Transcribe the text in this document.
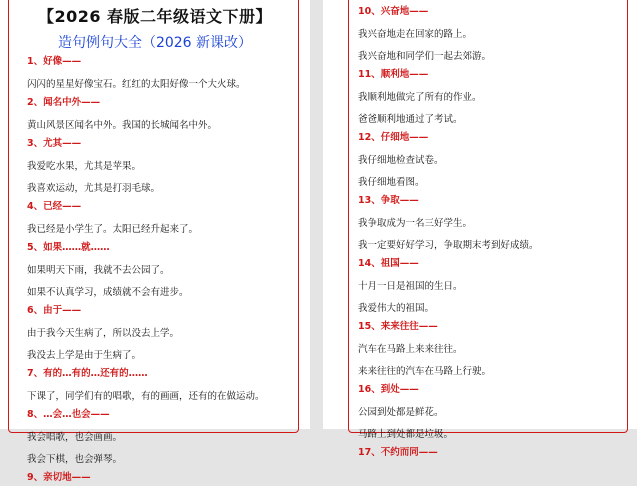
【2026 春版二年级语文下册】
造句例句大全（2026 新课改）
1、好像——
闪闪的星星好像宝石。红红的太阳好像一个大火球。
2、闻名中外——
黄山风景区闻名中外。我国的长城闻名中外。
3、尤其——
我爱吃水果，尤其是苹果。
我喜欢运动，尤其是打羽毛球。
4、已经——
我已经是小学生了。太阳已经升起来了。
5、如果……就……
如果明天下雨，我就不去公园了。
如果不认真学习，成绩就不会有进步。
6、由于——
由于我今天生病了，所以没去上学。
我没去上学是由于生病了。
7、有的…有的…还有的……
下课了，同学们有的唱歌，有的画画，还有的在做运动。
8、…会…也会——
我会唱歌，也会画画。
我会下棋，也会弹琴。
9、亲切地——
10、兴奋地——
我兴奋地走在回家的路上。
我兴奋地和同学们一起去郊游。
11、顺利地——
我顺利地做完了所有的作业。
爸爸顺利地通过了考试。
12、仔细地——
我仔细地检查试卷。
我仔细地看图。
13、争取——
我争取成为一名三好学生。
我一定要好好学习，争取期末考到好成绩。
14、祖国——
十月一日是祖国的生日。
我爱伟大的祖国。
15、来来往往——
汽车在马路上来来往往。
来来往往的汽车在马路上行驶。
16、到处——
公园到处都是鲜花。
马路上到处都是垃圾。
17、不约而同——
